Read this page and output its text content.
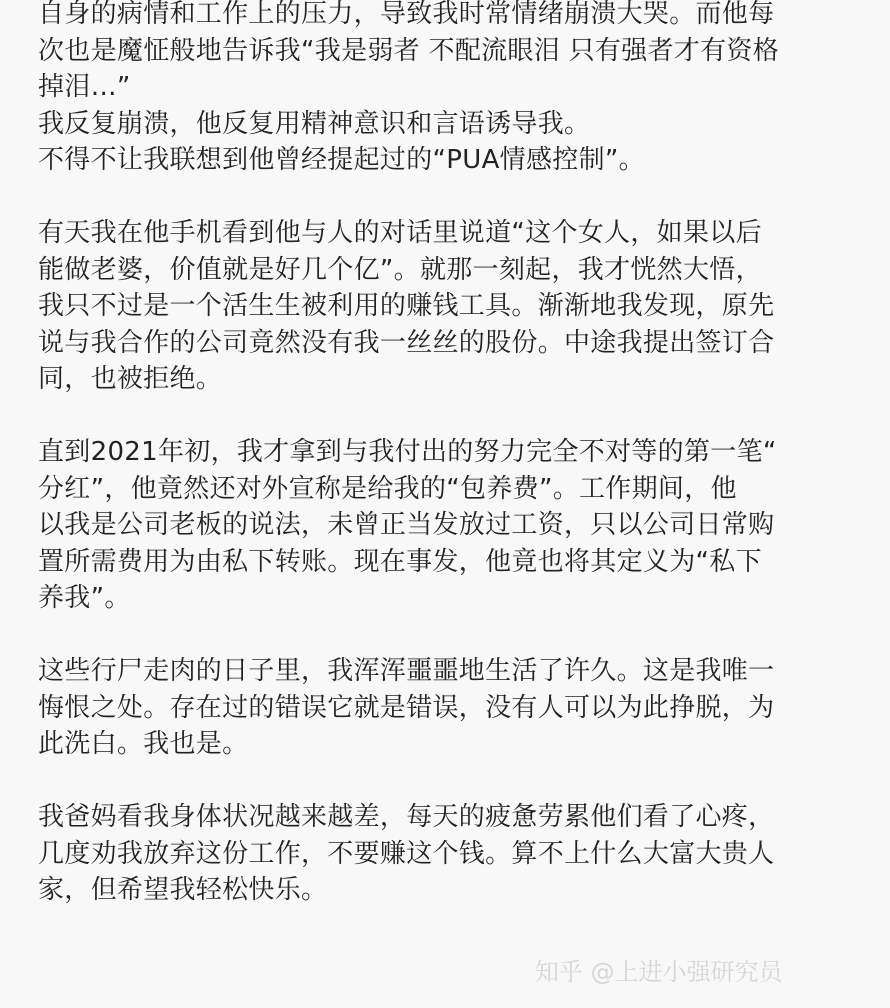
自身的病情和工作上的压力，导致我时常情绪崩溃大哭。而他每
次也是魔怔般地告诉我“我是弱者 不配流眼泪 只有强者才有资格
掉泪…”
我反复崩溃，他反复用精神意识和言语诱导我。
不得不让我联想到他曾经提起过的“PUA情感控制”。
有天我在他手机看到他与人的对话里说道“这个女人，如果以后
能做老婆，价值就是好几个亿”。就那一刻起，我才恍然大悟，
我只不过是一个活生生被利用的赚钱工具。渐渐地我发现，原先
说与我合作的公司竟然没有我一丝丝的股份。中途我提出签订合
同，也被拒绝。
直到2021年初，我才拿到与我付出的努力完全不对等的第一笔“
分红”，他竟然还对外宣称是给我的“包养费”。工作期间，他
以我是公司老板的说法，未曾正当发放过工资，只以公司日常购
置所需费用为由私下转账。现在事发，他竟也将其定义为“私下
养我”。
这些行尸走肉的日子里，我浑浑噩噩地生活了许久。这是我唯一
悔恨之处。存在过的错误它就是错误，没有人可以为此挣脱，为
此洗白。我也是。
我爸妈看我身体状况越来越差，每天的疲惫劳累他们看了心疼，
几度劝我放弃这份工作，不要赚这个钱。算不上什么大富大贵人
家，但希望我轻松快乐。
知乎 @上进小强研究员
